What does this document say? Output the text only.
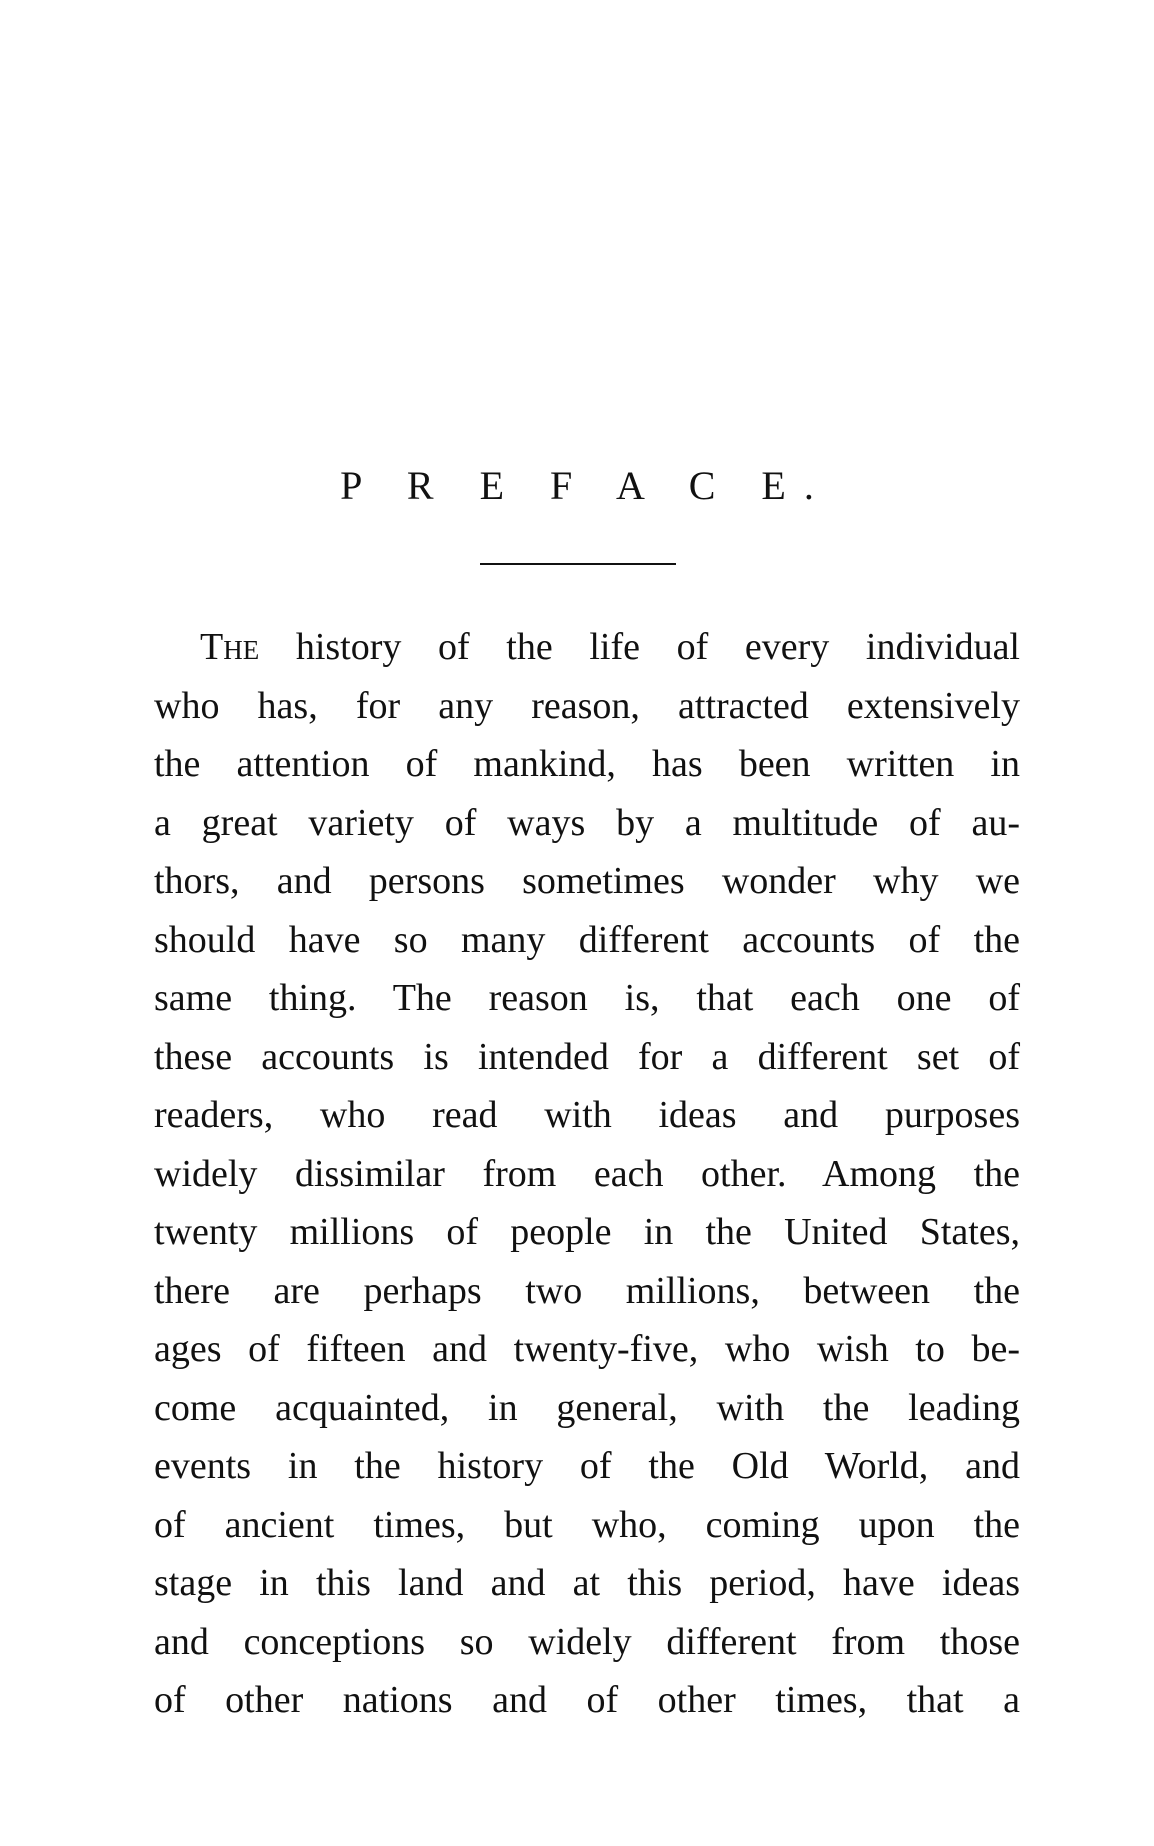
P R E F A C E.
The history of the life of every individual
who has, for any reason, attracted extensively
the attention of mankind, has been written in
a great variety of ways by a multitude of au-
thors, and persons sometimes wonder why we
should have so many different accounts of the
same thing. The reason is, that each one of
these accounts is intended for a different set of
readers, who read with ideas and purposes
widely dissimilar from each other. Among the
twenty millions of people in the United States,
there are perhaps two millions, between the
ages of fifteen and twenty-five, who wish to be-
come acquainted, in general, with the leading
events in the history of the Old World, and
of ancient times, but who, coming upon the
stage in this land and at this period, have ideas
and conceptions so widely different from those
of other nations and of other times, that a
